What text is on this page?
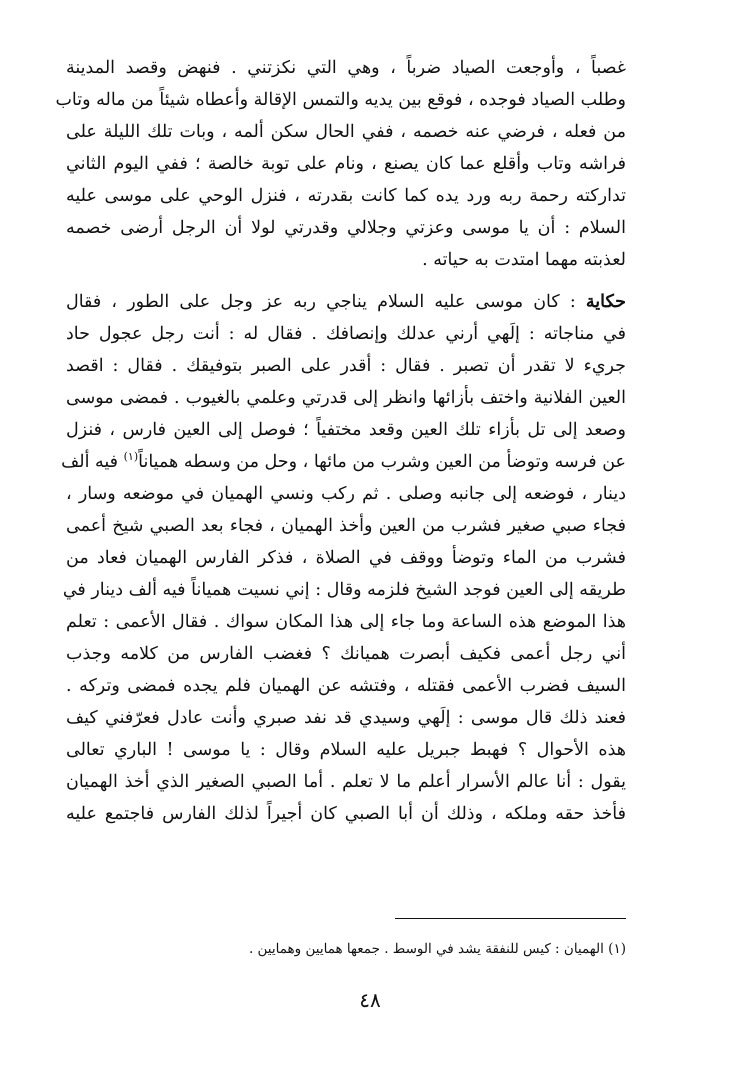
غصباً ، وأوجعت الصياد ضرباً ، وهي التي نكزتني . فنهض وقصد المدينة
وطلب الصياد فوجده ، فوقع بين يديه والتمس الإقالة وأعطاه شيئاً من ماله وتاب
من فعله ، فرضي عنه خصمه ، ففي الحال سكن ألمه ، وبات تلك الليلة على
فراشه وتاب وأقلع عما كان يصنع ، ونام على توبة خالصة ؛ ففي اليوم الثاني
تداركته رحمة ربه ورد يده كما كانت بقدرته ، فنزل الوحي على موسى عليه
السلام : أن يا موسى وعزتي وجلالي وقدرتي لولا أن الرجل أرضى خصمه
لعذبته مهما امتدت به حياته .
حكاية : كان موسى عليه السلام يناجي ربه عز وجل على الطور ، فقال
في مناجاته : إلَهي أرني عدلك وإنصافك . فقال له : أنت رجل عجول حاد
جريء لا تقدر أن تصبر . فقال : أقدر على الصبر بتوفيقك . فقال : اقصد
العين الفلانية واختف بأزائها وانظر إلى قدرتي وعلمي بالغيوب . فمضى موسى
وصعد إلى تل بأزاء تلك العين وقعد مختفياً ؛ فوصل إلى العين فارس ، فنزل
عن فرسه وتوضأ من العين وشرب من مائها ، وحل من وسطه همياناً$^{(١)}$ فيه ألف
دينار ، فوضعه إلى جانبه وصلى . ثم ركب ونسي الهميان في موضعه وسار ،
فجاء صبي صغير فشرب من العين وأخذ الهميان ، فجاء بعد الصبي شيخ أعمى
فشرب من الماء وتوضأ ووقف في الصلاة ، فذكر الفارس الهميان فعاد من
طريقه إلى العين فوجد الشيخ فلزمه وقال : إني نسيت همياناً فيه ألف دينار في
هذا الموضع هذه الساعة وما جاء إلى هذا المكان سواك . فقال الأعمى : تعلم
أني رجل أعمى فكيف أبصرت هميانك ؟ فغضب الفارس من كلامه وجذب
السيف فضرب الأعمى فقتله ، وفتشه عن الهميان فلم يجده فمضى وتركه .
فعند ذلك قال موسى : إلَهي وسيدي قد نفد صبري وأنت عادل فعرّفني كيف
هذه الأحوال ؟ فهبط جبريل عليه السلام وقال : يا موسى ! الباري تعالى
يقول : أنا عالم الأسرار أعلم ما لا تعلم . أما الصبي الصغير الذي أخذ الهميان
فأخذ حقه وملكه ، وذلك أن أبا الصبي كان أجيراً لذلك الفارس فاجتمع عليه
(١) الهميان : كيس للنفقة يشد في الوسط . جمعها همايين وهمايين .
٤٨
